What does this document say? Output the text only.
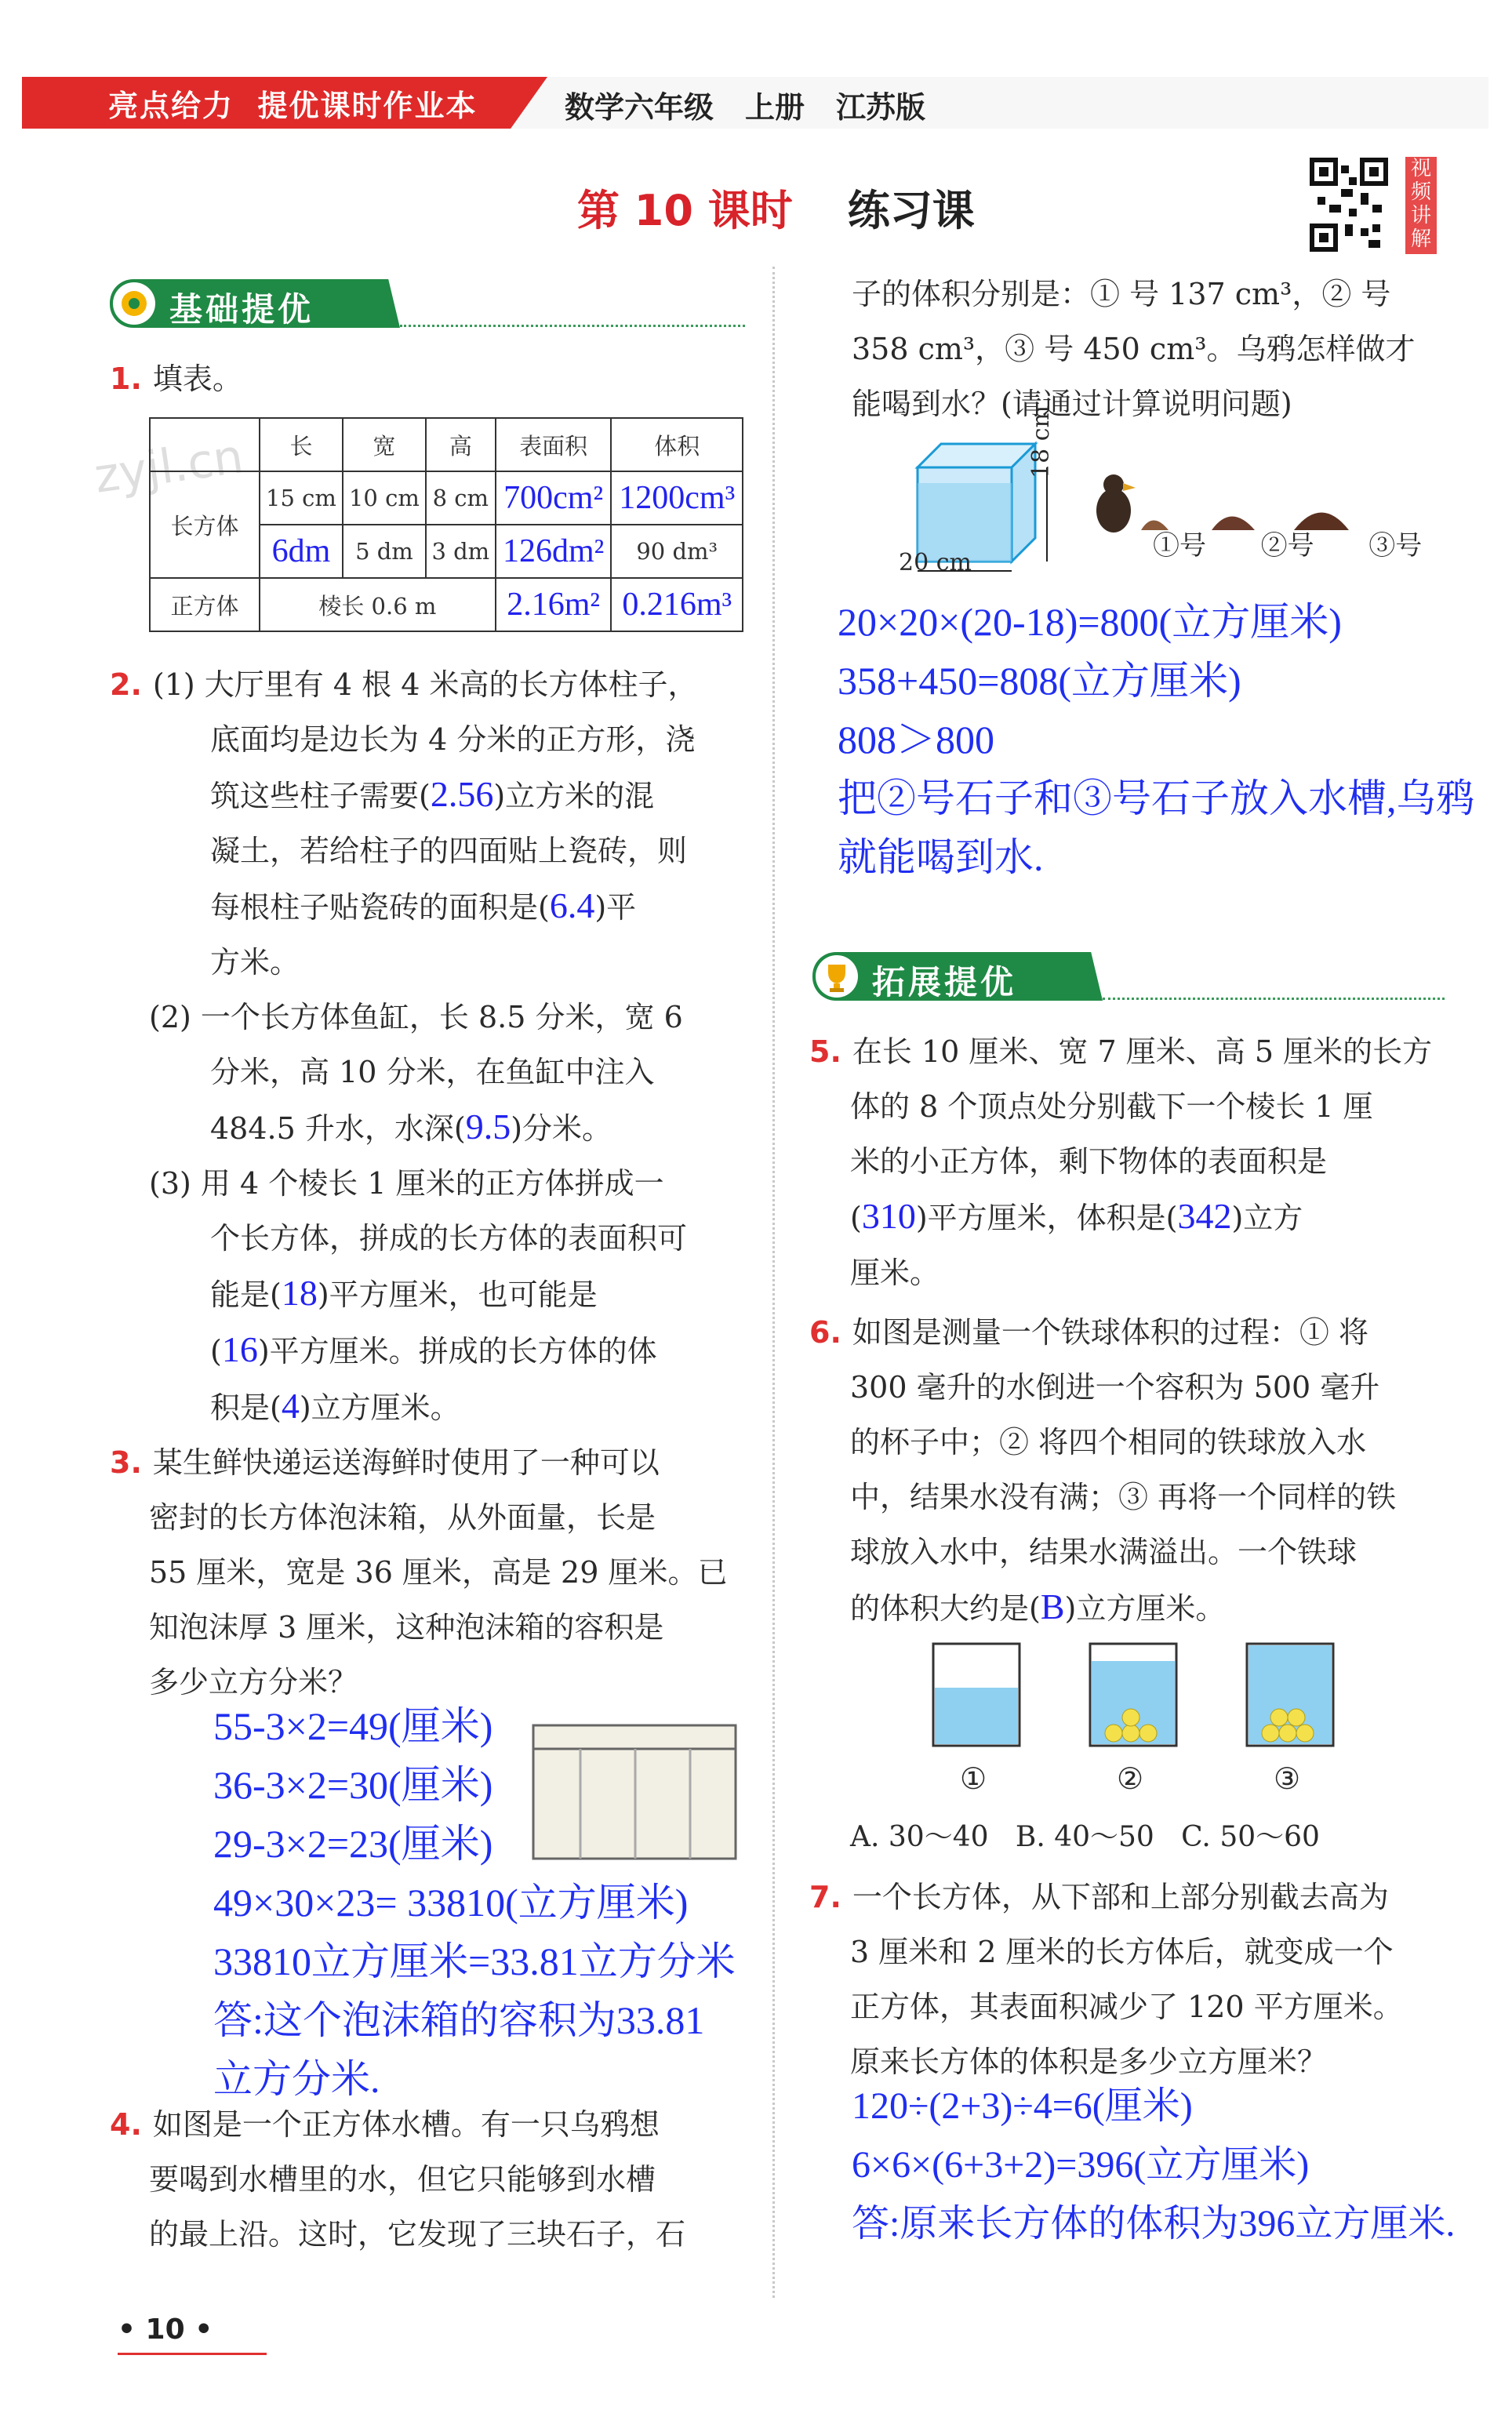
亮点给力 提优课时作业本	数学六年级 上册 江苏版
第 10 课时 练习课
视频讲解
zyjl.cn
基础提优
1. 填表。
	长	宽	高	表面积	体积
长方体	15 cm	10 cm	8 cm	700cm²	1200cm³
	6dm	5 dm	3 dm	126dm²	90 dm³
正方体	棱长 0.6 m			2.16m²	0.216m³

2. (1) 大厅里有 4 根 4 米高的长方体柱子，

底面均是边长为 4 分米的正方形，浇

筑这些柱子需要(2.56)立方米的混

凝土，若给柱子的四面贴上瓷砖，则

每根柱子贴瓷砖的面积是(6.4)平

方米。

(2) 一个长方体鱼缸，长 8.5 分米，宽 6

分米，高 10 分米，在鱼缸中注入

484.5 升水，水深(9.5)分米。

(3) 用 4 个棱长 1 厘米的正方体拼成一

个长方体，拼成的长方体的表面积可

能是(18)平方厘米，也可能是

(16)平方厘米。拼成的长方体的体

积是(4)立方厘米。

3. 某生鲜快递运送海鲜时使用了一种可以

密封的长方体泡沫箱，从外面量，长是

55 厘米，宽是 36 厘米，高是 29 厘米。已

知泡沫厚 3 厘米，这种泡沫箱的容积是

多少立方分米？

55-3×2=49(厘米)
36-3×2=30(厘米)
29-3×2=23(厘米)
49×30×23= 33810(立方厘米)
33810立方厘米=33.81立方分米
答:这个泡沫箱的容积为33.81
立方分米.

4. 如图是一个正方体水槽。有一只乌鸦想

要喝到水槽里的水，但它只能够到水槽

的最上沿。这时，它发现了三块石子，石

子的体积分别是：① 号 137 cm³，② 号

358 cm³，③ 号 450 cm³。乌鸦怎样做才

能喝到水？(请通过计算说明问题)

20 cm
18 cm
①号 ②号 ③号
20×20×(20-18)=800(立方厘米)
358+450=808(立方厘米)
808＞800
把②号石子和③号石子放入水槽,乌鸦
就能喝到水.
拓展提优

5. 在长 10 厘米、宽 7 厘米、高 5 厘米的长方

体的 8 个顶点处分别截下一个棱长 1 厘

米的小正方体，剩下物体的表面积是

(310)平方厘米，体积是(342)立方

厘米。

6. 如图是测量一个铁球体积的过程：① 将

300 毫升的水倒进一个容积为 500 毫升

的杯子中；② 将四个相同的铁球放入水

中，结果水没有满；③ 再将一个同样的铁

球放入水中，结果水满溢出。一个铁球

的体积大约是(B)立方厘米。

①	②	③
A. 30～40 B. 40～50 C. 50～60

7. 一个长方体，从下部和上部分别截去高为

3 厘米和 2 厘米的长方体后，就变成一个

正方体，其表面积减少了 120 平方厘米。

原来长方体的体积是多少立方厘米？

120÷(2+3)÷4=6(厘米)
6×6×(6+3+2)=396(立方厘米)
答:原来长方体的体积为396立方厘米.
• 10 •
